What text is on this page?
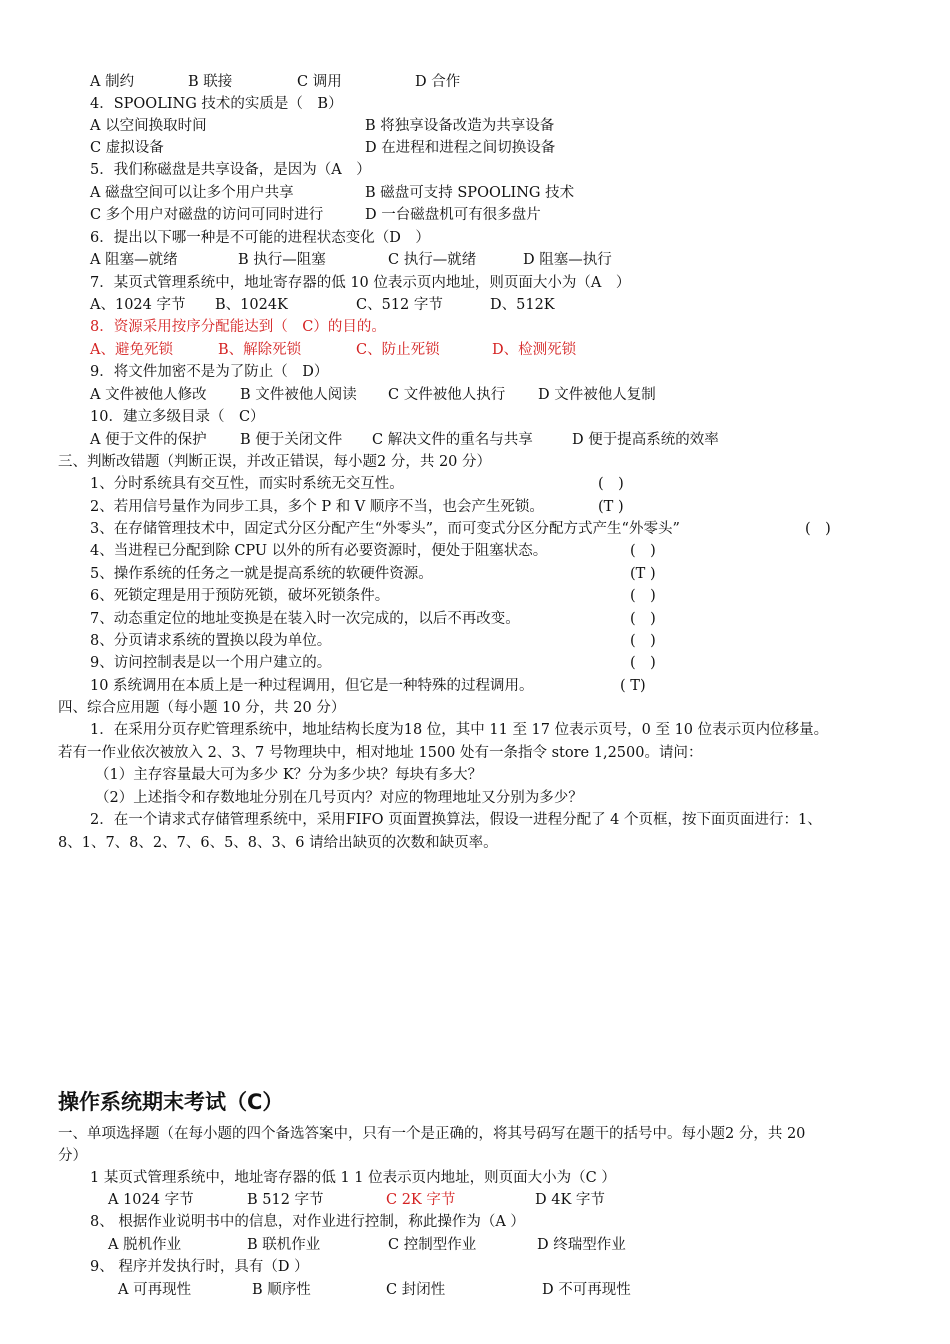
A 制约	B 联接	C 调用	D 合作
4．SPOOLING 技术的实质是（　B）
A 以空间换取时间	B 将独享设备改造为共享设备
C 虚拟设备	D 在进程和进程之间切换设备
5．我们称磁盘是共享设备，是因为（A　）
A 磁盘空间可以让多个用户共享	B 磁盘可支持 SPOOLING 技术
C 多个用户对磁盘的访问可同时进行	D 一台磁盘机可有很多盘片
6．提出以下哪一种是不可能的进程状态变化（D　）
A 阻塞—就绪	B 执行—阻塞	C 执行—就绪	D 阻塞—执行
7．某页式管理系统中，地址寄存器的低 10 位表示页内地址，则页面大小为（A　）
A、1024 字节 B、1024K	C、512 字节	D、512K
8．资源采用按序分配能达到（　C）的目的。
A、避免死锁	B、解除死锁	C、防止死锁	D、检测死锁
9．将文件加密不是为了防止（　D）
A 文件被他人修改 B 文件被他人阅读 C 文件被他人执行 D 文件被他人复制
10．建立多级目录（　C）
A 便于文件的保护 B 便于关闭文件 C 解决文件的重名与共享	D 便于提高系统的效率
三、判断改错题（判断正误，并改正错误，每小题2 分，共 20 分）
1、分时系统具有交互性，而实时系统无交互性。	(　)
2、若用信号量作为同步工具，多个 P 和 V 顺序不当，也会产生死锁。	(T )
3、在存储管理技术中，固定式分区分配产生“外零头”，而可变式分区分配方式产生“外零头”	(　)
4、当进程已分配到除 CPU 以外的所有必要资源时，便处于阻塞状态。	(　)
5、操作系统的任务之一就是提高系统的软硬件资源。	(T )
6、死锁定理是用于预防死锁，破坏死锁条件。	(　)
7、动态重定位的地址变换是在装入时一次完成的，以后不再改变。	(　)
8、分页请求系统的置换以段为单位。	(　)
9、访问控制表是以一个用户建立的。	(　)
10 系统调用在本质上是一种过程调用，但它是一种特殊的过程调用。	( T)
四、综合应用题（每小题 10 分，共 20 分）
1．在采用分页存贮管理系统中，地址结构长度为18 位，其中 11 至 17 位表示页号，0 至 10 位表示页内位移量。
若有一作业依次被放入 2、3、7 号物理块中，相对地址 1500 处有一条指令 store 1,2500。请问：
（1）主存容量最大可为多少 K？分为多少块？每块有多大？
（2）上述指令和存数地址分别在几号页内？对应的物理地址又分别为多少？
2．在一个请求式存储管理系统中，采用FIFO 页面置换算法，假设一进程分配了 4 个页框，按下面页面进行：1、
8、1、7、8、2、7、6、5、8、3、6 请给出缺页的次数和缺页率。
操作系统期末考试（C）
一、单项选择题（在每小题的四个备选答案中，只有一个是正确的，将其号码写在题干的括号中。每小题2 分，共 20
分）
1 某页式管理系统中，地址寄存器的低 1 1 位表示页内地址，则页面大小为（C ）
A 1024 字节	B 512 字节	C 2K 字节	D 4K 字节
8、 根据作业说明书中的信息，对作业进行控制，称此操作为（A ）
A 脱机作业	B 联机作业	C 控制型作业	D 终瑞型作业
9、 程序并发执行时，具有（D ）
A 可再现性	B 顺序性	C 封闭性	D 不可再现性
